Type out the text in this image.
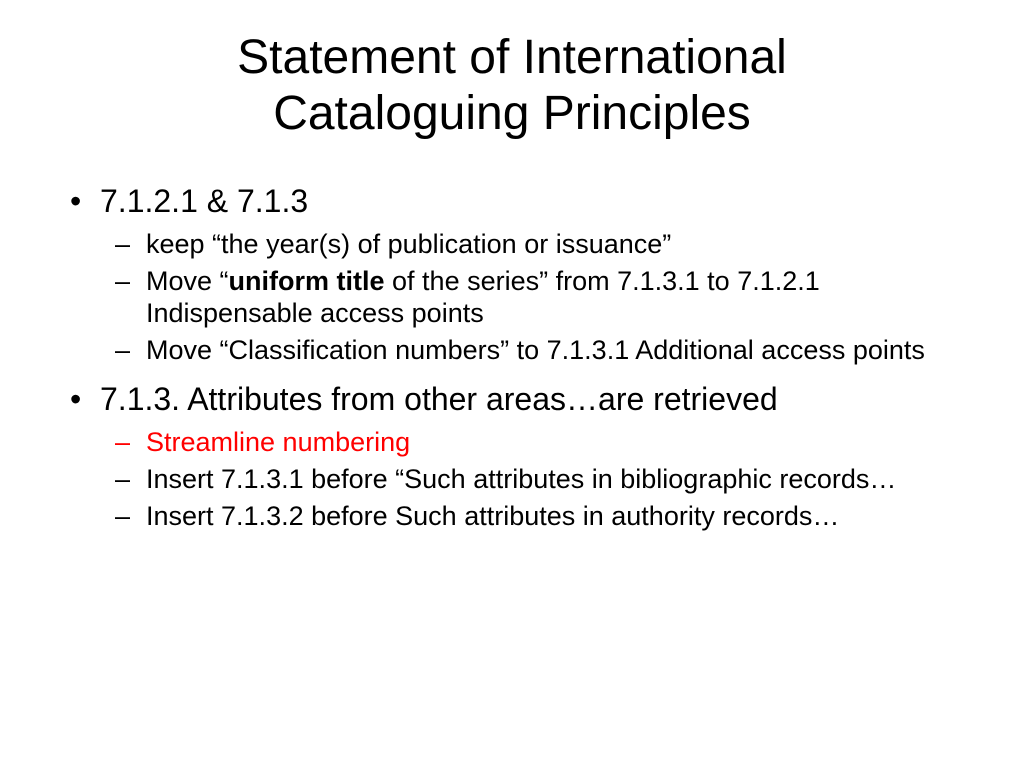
Statement of International
Cataloguing Principles
• 7.1.2.1 & 7.1.3
– keep “the year(s) of publication or issuance”
– Move “uniform title of the series” from 7.1.3.1 to 7.1.2.1 Indispensable access points
– Move “Classification numbers” to 7.1.3.1 Additional access points
• 7.1.3. Attributes from other areas…are retrieved
– Streamline numbering
– Insert 7.1.3.1 before “Such attributes in bibliographic records…
– Insert 7.1.3.2 before Such attributes in authority records…
